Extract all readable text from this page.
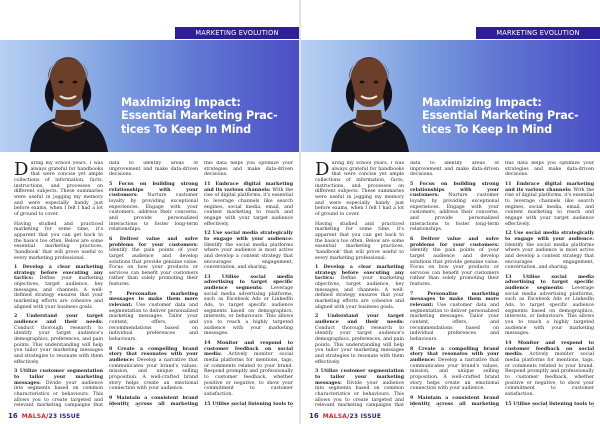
MARKETING EVOLUTION
Maximizing Impact: Essential Marketing Prac-tices To Keep In Mind

During my school years, I was always grateful for handbooks that were concise yet ample collections of information, facts, instructions, and processes on different subjects. These summaries were useful in jogging my memory and were especially handy just before exams, when I felt I had a lot of ground to cover.

Having studied and practiced marketing for some time, it's apparent that you can get back to the basics too often. Below are some essential marketing practices, 'handbook' that will prove useful to every marketing professional.

1 Develop a clear marketing strategy before executing any tactics: Define your marketing objectives, target audience, key messages, and channels. A well-defined strategy ensures that your marketing efforts are cohesive and aligned with your business goals.

2 Understand your target audience and their needs: Conduct thorough research to identify your target audience's demographics, preferences, and pain points. This understanding will help you tailor your marketing messages and strategies to resonate with them effectively.

3 Utilize customer segmentation to tailor your marketing messages: Divide your audience into segments based on common characteristics or behaviours. This allows you to create targeted and relevant marketing campaigns that

data to identify areas of improvement and make data-driven decisions.

5 Focus on building strong relationships with your customers: Nurture customer loyalty by providing exceptional experiences. Engage with your customers, address their concerns, and provide personalized interactions to foster long-term relationships.

6 Deliver value and solve problems for your customers: Identify the pain points of your target audience and develop solutions that provide genuine value. Focus on how your products or services can benefit your customers rather than solely promoting their features.

7 Personalize marketing messages to make them more relevant: Use customer data and segmentation to deliver personalized marketing messages. Tailor your content, offers, and recommendations based on individual preferences and behaviours.

8 Create a compelling brand story that resonates with your audience: Develop a narrative that communicates your brand's values, mission, and unique selling proposition. A well-crafted brand story helps create an emotional connection with your audience.

9 Maintain a consistent brand identity across all marketing

this data helps you optimize your strategies and make data-driven decisions.

11 Embrace digital marketing and its various channels: With the rise of digital platforms, it's essential to leverage channels like search engines, social media, email, and content marketing to reach and engage with your target audience effectively.

12 Use social media strategically to engage with your audience: Identify the social media platforms where your audience is most active and develop a content strategy that encourages engagement, conversation, and sharing.

13 Utilise social media advertising to target specific audience segments: Leverage social media advertising platforms, such as Facebook Ads or LinkedIn Ads, to target specific audience segments based on demographics, interests, or behaviours. This allows you to reach a highly targeted audience with your marketing messages.

14 Monitor and respond to customer feedback on social media: Actively monitor social media platforms for mentions, tags, or comments related to your brand. Respond promptly and professionally to customer feedback, whether positive or negative, to show your commitment to customer satisfaction.

15 Utilise social listening tools to

16 MALSA/23 ISSUE
MARKETING EVOLUTION
Maximizing Impact: Essential Marketing Prac-tices To Keep In Mind

During my school years, I was always grateful for handbooks that were concise yet ample collections of information, facts, instructions, and processes on different subjects. These summaries were useful in jogging my memory and were especially handy just before exams, when I felt I had a lot of ground to cover.

Having studied and practiced marketing for some time, it's apparent that you can get back to the basics too often. Below are some essential marketing practices, 'handbook' that will prove useful to every marketing professional.

1 Develop a clear marketing strategy before executing any tactics: Define your marketing objectives, target audience, key messages, and channels. A well-defined strategy ensures that your marketing efforts are cohesive and aligned with your business goals.

2 Understand your target audience and their needs: Conduct thorough research to identify your target audience's demographics, preferences, and pain points. This understanding will help you tailor your marketing messages and strategies to resonate with them effectively.

3 Utilize customer segmentation to tailor your marketing messages: Divide your audience into segments based on common characteristics or behaviours. This allows you to create targeted and relevant marketing campaigns that

data to identify areas of improvement and make data-driven decisions.

5 Focus on building strong relationships with your customers: Nurture customer loyalty by providing exceptional experiences. Engage with your customers, address their concerns, and provide personalized interactions to foster long-term relationships.

6 Deliver value and solve problems for your customers: Identify the pain points of your target audience and develop solutions that provide genuine value. Focus on how your products or services can benefit your customers rather than solely promoting their features.

7 Personalize marketing messages to make them more relevant: Use customer data and segmentation to deliver personalized marketing messages. Tailor your content, offers, and recommendations based on individual preferences and behaviours.

8 Create a compelling brand story that resonates with your audience: Develop a narrative that communicates your brand's values, mission, and unique selling proposition. A well-crafted brand story helps create an emotional connection with your audience.

9 Maintain a consistent brand identity across all marketing

this data helps you optimize your strategies and make data-driven decisions.

11 Embrace digital marketing and its various channels: With the rise of digital platforms, it's essential to leverage channels like search engines, social media, email, and content marketing to reach and engage with your target audience effectively.

12 Use social media strategically to engage with your audience: Identify the social media platforms where your audience is most active and develop a content strategy that encourages engagement, conversation, and sharing.

13 Utilise social media advertising to target specific audience segments: Leverage social media advertising platforms, such as Facebook Ads or LinkedIn Ads, to target specific audience segments based on demographics, interests, or behaviours. This allows you to reach a highly targeted audience with your marketing messages.

14 Monitor and respond to customer feedback on social media: Actively monitor social media platforms for mentions, tags, or comments related to your brand. Respond promptly and professionally to customer feedback, whether positive or negative, to show your commitment to customer satisfaction.

15 Utilise social listening tools to

16 MALSA/23 ISSUE
